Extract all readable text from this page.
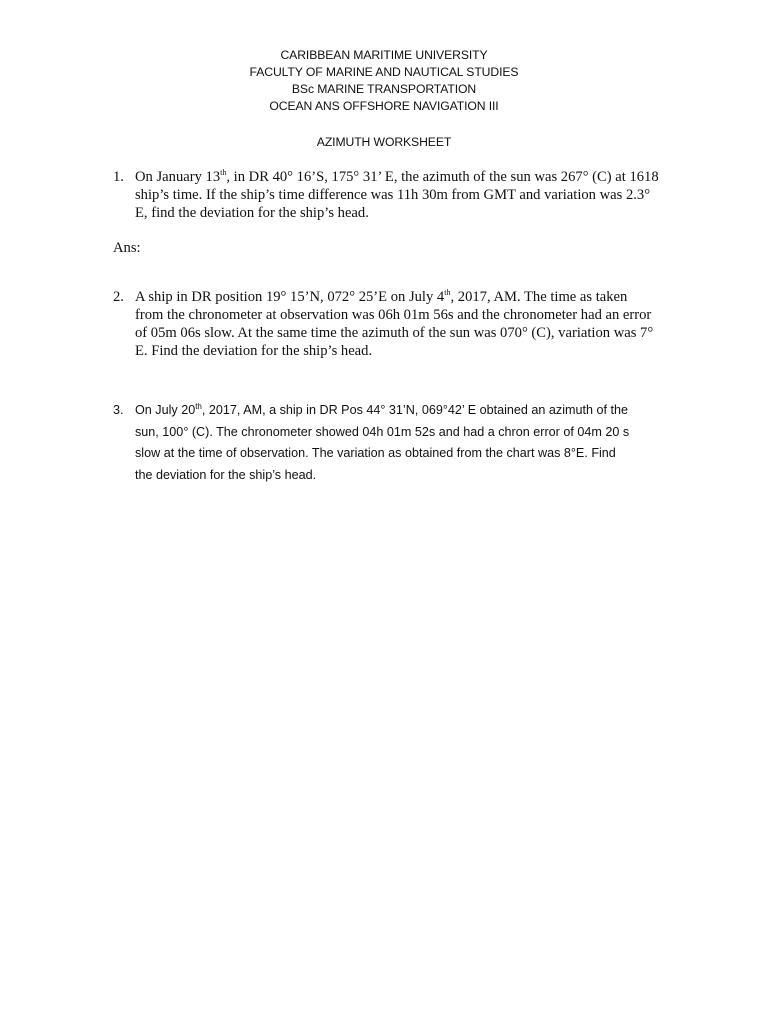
CARIBBEAN MARITIME UNIVERSITY
FACULTY OF MARINE AND NAUTICAL STUDIES
BSc MARINE TRANSPORTATION
OCEAN ANS OFFSHORE NAVIGATION III
AZIMUTH WORKSHEET
1. On January 13th, in DR 40° 16’S, 175° 31’ E, the azimuth of the sun was 267° (C) at 1618
ship’s time. If the ship’s time difference was 11h 30m from GMT and variation was 2.3°
E, find the deviation for the ship’s head.
Ans:
2. A ship in DR position 19° 15’N, 072° 25’E on July 4th, 2017, AM. The time as taken
from the chronometer at observation was 06h 01m 56s and the chronometer had an error
of 05m 06s slow. At the same time the azimuth of the sun was 070° (C), variation was 7°
E. Find the deviation for the ship’s head.
3. On July 20th, 2017, AM, a ship in DR Pos 44° 31’N, 069°42’ E obtained an azimuth of the
sun, 100° (C). The chronometer showed 04h 01m 52s and had a chron error of 04m 20 s
slow at the time of observation. The variation as obtained from the chart was 8°E. Find
the deviation for the ship’s head.
